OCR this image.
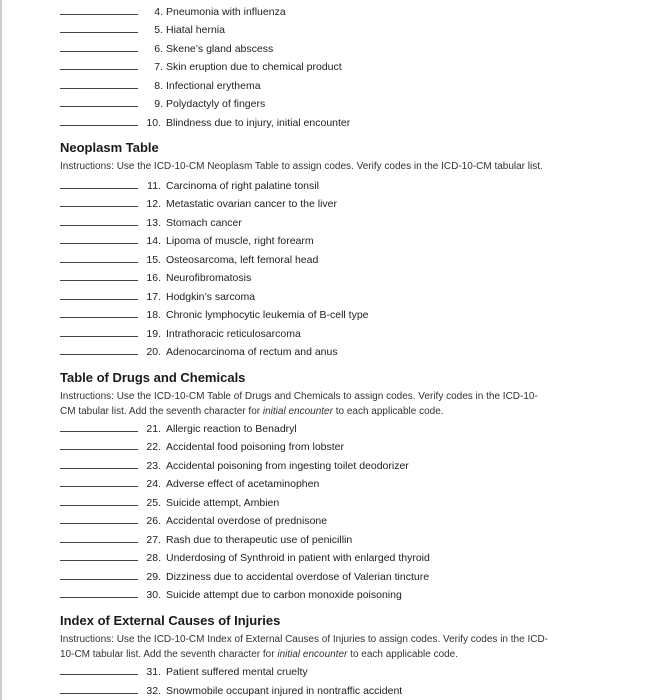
4. Pneumonia with influenza
5. Hiatal hernia
6. Skene’s gland abscess
7. Skin eruption due to chemical product
8. Infectional erythema
9. Polydactyly of fingers
10. Blindness due to injury, initial encounter
Neoplasm Table
Instructions: Use the ICD-10-CM Neoplasm Table to assign codes. Verify codes in the ICD-10-CM tabular list.
11. Carcinoma of right palatine tonsil
12. Metastatic ovarian cancer to the liver
13. Stomach cancer
14. Lipoma of muscle, right forearm
15. Osteosarcoma, left femoral head
16. Neurofibromatosis
17. Hodgkin’s sarcoma
18. Chronic lymphocytic leukemia of B-cell type
19. Intrathoracic reticulosarcoma
20. Adenocarcinoma of rectum and anus
Table of Drugs and Chemicals
Instructions: Use the ICD-10-CM Table of Drugs and Chemicals to assign codes. Verify codes in the ICD-10-CM tabular list. Add the seventh character for initial encounter to each applicable code.
21. Allergic reaction to Benadryl
22. Accidental food poisoning from lobster
23. Accidental poisoning from ingesting toilet deodorizer
24. Adverse effect of acetaminophen
25. Suicide attempt, Ambien
26. Accidental overdose of prednisone
27. Rash due to therapeutic use of penicillin
28. Underdosing of Synthroid in patient with enlarged thyroid
29. Dizziness due to accidental overdose of Valerian tincture
30. Suicide attempt due to carbon monoxide poisoning
Index of External Causes of Injuries
Instructions: Use the ICD-10-CM Index of External Causes of Injuries to assign codes. Verify codes in the ICD-10-CM tabular list. Add the seventh character for initial encounter to each applicable code.
31. Patient suffered mental cruelty
32. Snowmobile occupant injured in nontraffic accident
